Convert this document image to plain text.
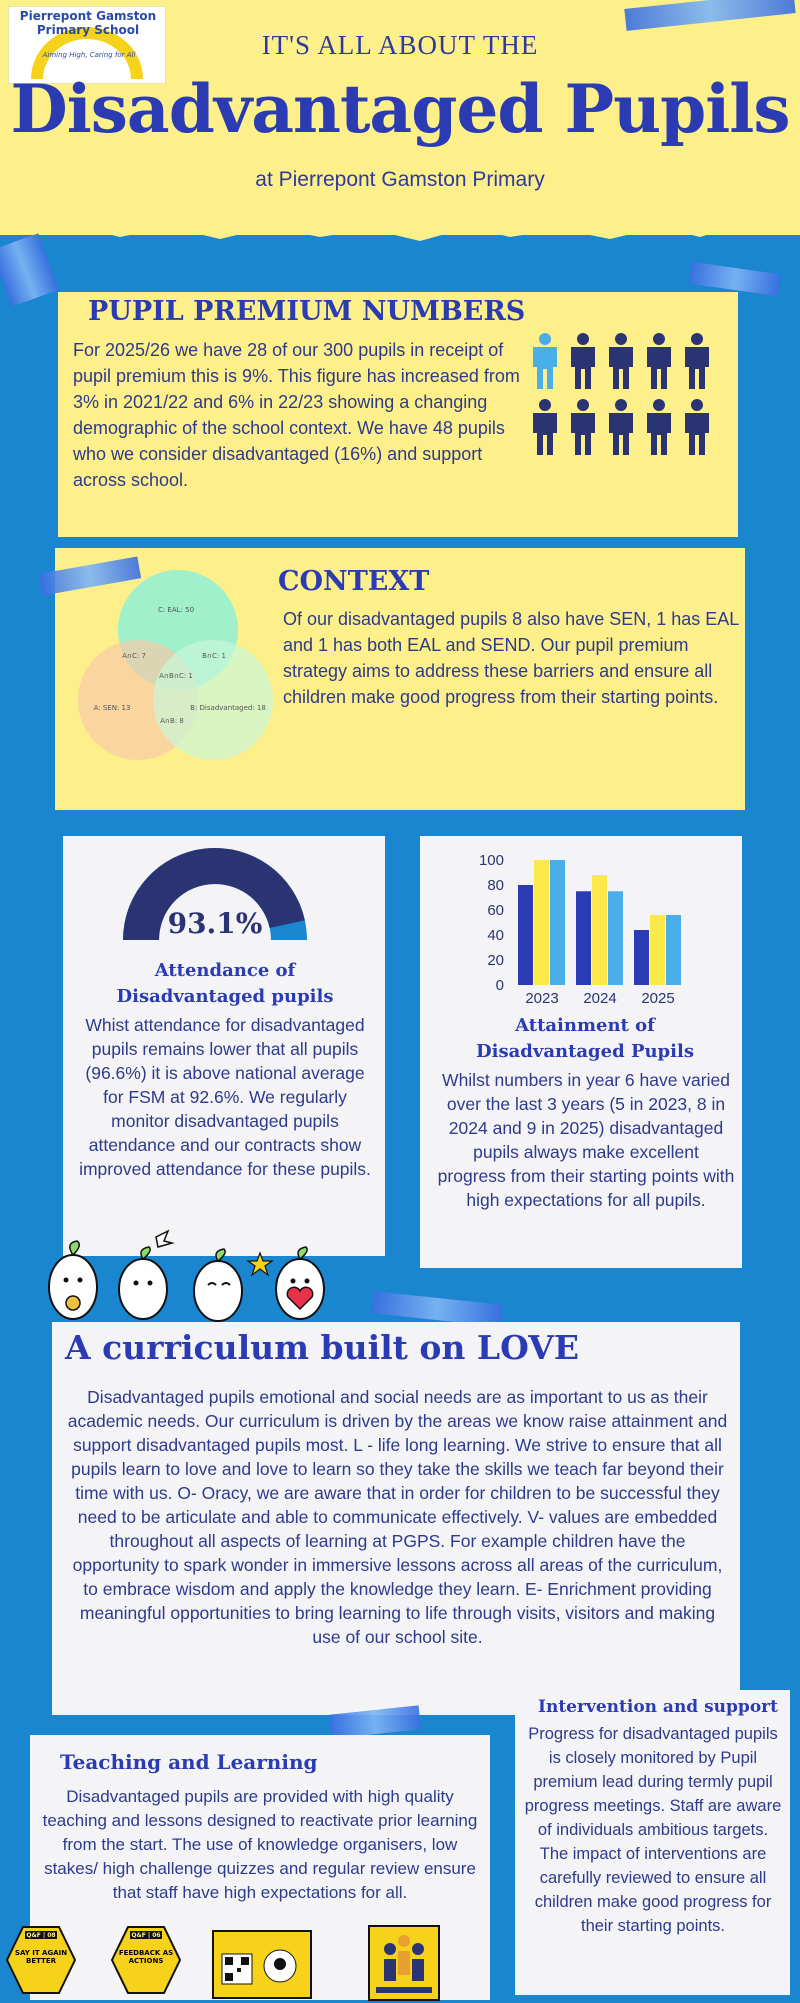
Pierrepont Gamston Primary School
Aiming High, Caring for All	IT'S ALL ABOUT THE
Disadvantaged Pupils
at Pierrepont Gamston Primary
PUPIL PREMIUM NUMBERS
For 2025/26 we have 28 of our 300 pupils in receipt of pupil premium this is 9%. This figure has increased from 3% in 2021/22 and 6% in 22/23 showing a changing demographic of the school context. We have 48 pupils who we consider disadvantaged (16%) and support across school.
CONTEXT
Of our disadvantaged pupils 8 also have SEN, 1 has EAL and 1 has both EAL and SEND. Our pupil premium strategy aims to address these barriers and ensure all children make good progress from their starting points.
C: EAL: 50
A∩C: 7	B∩C: 1
A∩B∩C: 1
A: SEN: 13	B: Disadvantaged: 18
A∩B: 8
93.1%
Attendance of Disadvantaged pupils
Whist attendance for disadvantaged pupils remains lower that all pupils (96.6%) it is above national average for FSM at 92.6%. We regularly monitor disadvantaged pupils attendance and our contracts show improved attendance for these pupils.
0
20
40
60
80
100
2023 2024 2025
Attainment of Disadvantaged Pupils
Whilst numbers in year 6 have varied over the last 3 years (5 in 2023, 8 in 2024 and 9 in 2025) disadvantaged pupils always make excellent progress from their starting points with high expectations for all pupils.
A curriculum built on LOVE
Disadvantaged pupils emotional and social needs are as important to us as their academic needs. Our curriculum is driven by the areas we know raise attainment and support disadvantaged pupils most. L - life long learning. We strive to ensure that all pupils learn to love and love to learn so they take the skills we teach far beyond their time with us. O- Oracy, we are aware that in order for children to be successful they need to be articulate and able to communicate effectively. V- values are embedded throughout all aspects of learning at PGPS. For example children have the opportunity to spark wonder in immersive lessons across all areas of the curriculum, to embrace wisdom and apply the knowledge they learn. E- Enrichment providing meaningful opportunities to bring learning to life through visits, visitors and making use of our school site.
Teaching and Learning
Disadvantaged pupils are provided with high quality teaching and lessons designed to reactivate prior learning from the start. The use of knowledge organisers, low stakes/ high challenge quizzes and regular review ensure that staff have high expectations for all.
Q&F | 08
SAY IT AGAIN BETTER
Q&F | 06
FEEDBACK AS ACTIONS
Intervention and support
Progress for disadvantaged pupils is closely monitored by Pupil premium lead during termly pupil progress meetings. Staff are aware of individuals ambitious targets. The impact of interventions are carefully reviewed to ensure all children make good progress for their starting points.
